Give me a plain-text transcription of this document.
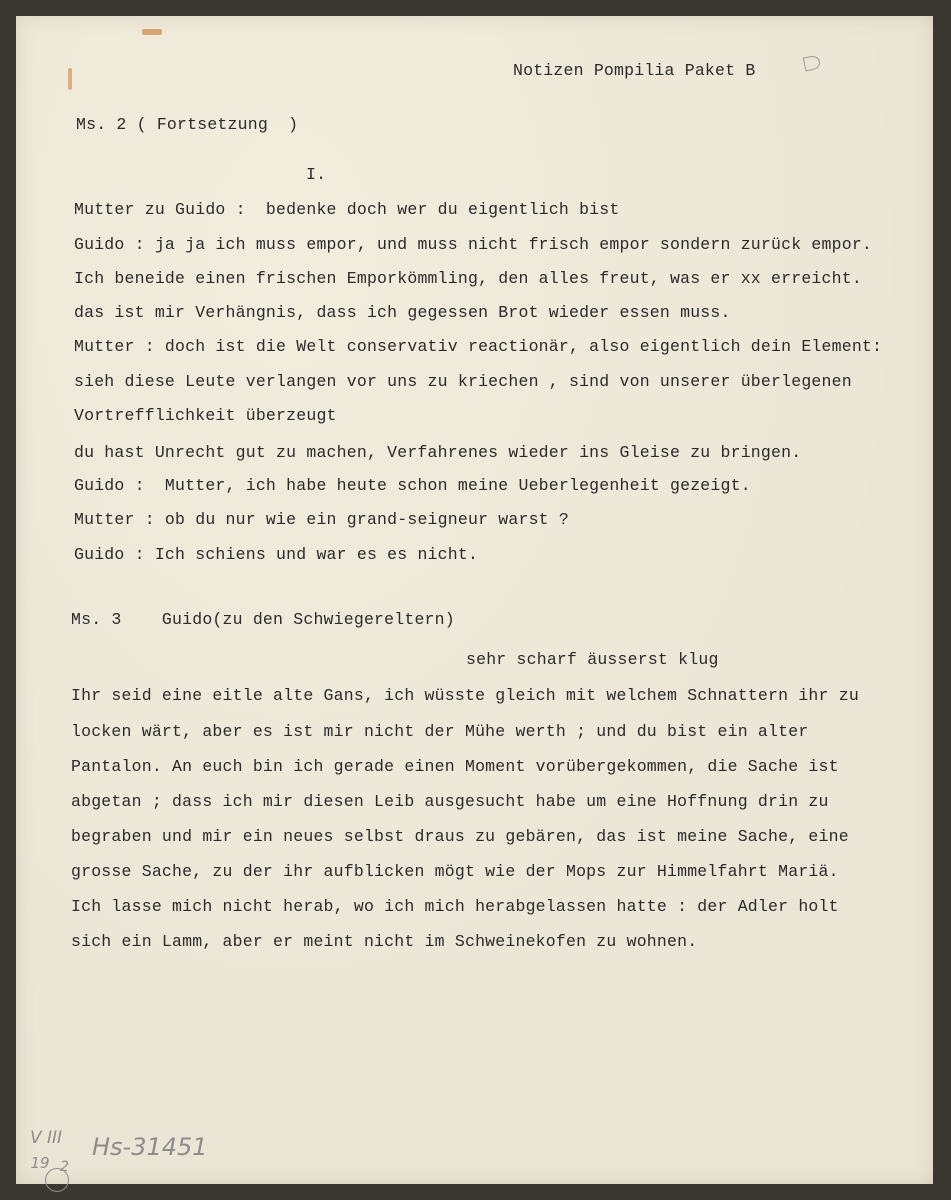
Notizen Pompilia Paket B
Ms. 2 ( Fortsetzung  )
I.
Mutter zu Guido :  bedenke doch wer du eigentlich bist
Guido : ja ja ich muss empor, und muss nicht frisch empor sondern zurück empor.
Ich beneide einen frischen Emporkömmling, den alles freut, was er xx erreicht.
das ist mir Verhängnis, dass ich gegessen Brot wieder essen muss.
Mutter : doch ist die Welt conservativ reactionär, also eigentlich dein Element:
sieh diese Leute verlangen vor uns zu kriechen , sind von unserer überlegenen
Vortrefflichkeit überzeugt
du hast Unrecht gut zu machen, Verfahrenes wieder ins Gleise zu bringen.
Guido :  Mutter, ich habe heute schon meine Ueberlegenheit gezeigt.
Mutter : ob du nur wie ein grand-seigneur warst ?
Guido : Ich schiens und war es es nicht.
Ms. 3    Guido(zu den Schwiegereltern)
sehr scharf äusserst klug
Ihr seid eine eitle alte Gans, ich wüsste gleich mit welchem Schnattern ihr zu
locken wärt, aber es ist mir nicht der Mühe werth ; und du bist ein alter
Pantalon. An euch bin ich gerade einen Moment vorübergekommen, die Sache ist
abgetan ; dass ich mir diesen Leib ausgesucht habe um eine Hoffnung drin zu
begraben und mir ein neues selbst draus zu gebären, das ist meine Sache, eine
grosse Sache, zu der ihr aufblicken mögt wie der Mops zur Himmelfahrt Mariä.
Ich lasse mich nicht herab, wo ich mich herabgelassen hatte : der Adler holt
sich ein Lamm, aber er meint nicht im Schweinekofen zu wohnen.
V III Hs-31451
19 2
